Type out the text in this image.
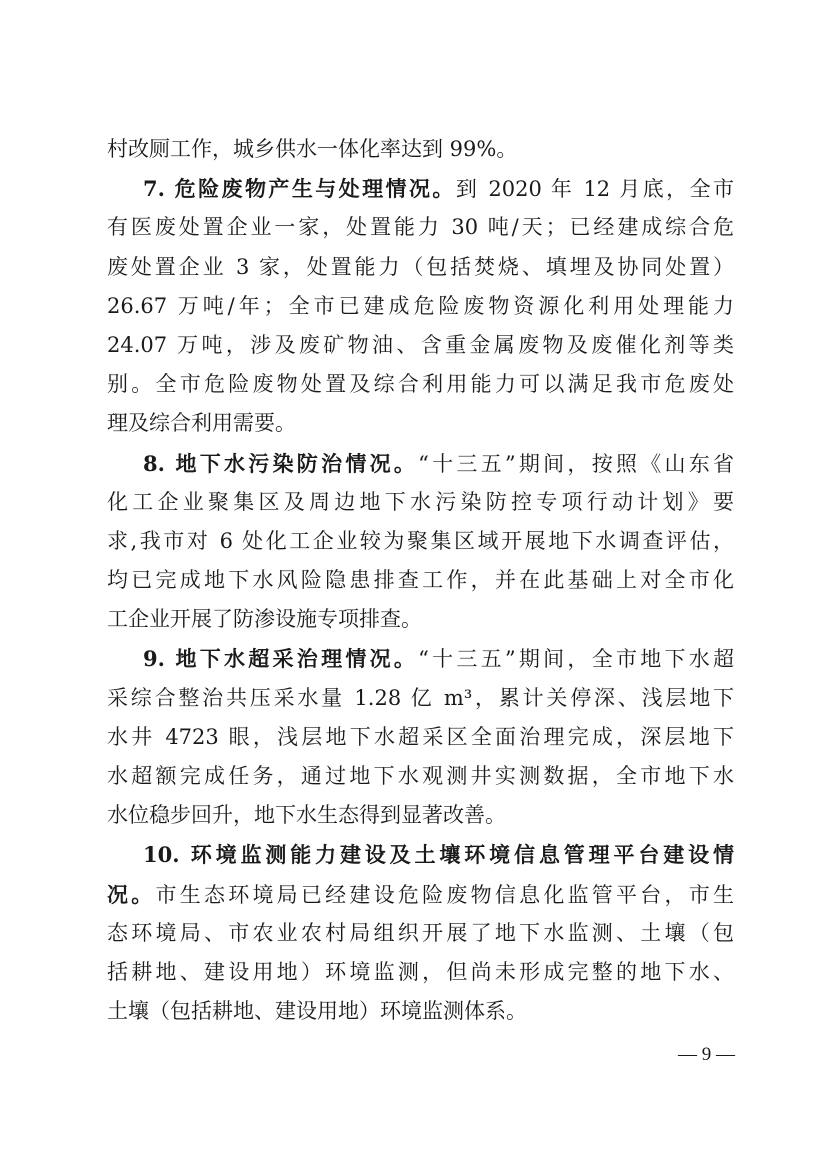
村改厕工作，城乡供水一体化率达到 99%。
7. 危险废物产生与处理情况。到 2020 年 12 月底，全市
有医废处置企业一家，处置能力 30 吨/天；已经建成综合危
废处置企业 3 家，处置能力（包括焚烧、填埋及协同处置）
26.67 万吨/年；全市已建成危险废物资源化利用处理能力
24.07 万吨，涉及废矿物油、含重金属废物及废催化剂等类
别。全市危险废物处置及综合利用能力可以满足我市危废处
理及综合利用需要。
8. 地下水污染防治情况。“十三五”期间，按照《山东省
化工企业聚集区及周边地下水污染防控专项行动计划》要
求,我市对 6 处化工企业较为聚集区域开展地下水调查评估，
均已完成地下水风险隐患排查工作，并在此基础上对全市化
工企业开展了防渗设施专项排查。
9. 地下水超采治理情况。“十三五”期间，全市地下水超
采综合整治共压采水量 1.28 亿 m³，累计关停深、浅层地下
水井 4723 眼，浅层地下水超采区全面治理完成，深层地下
水超额完成任务，通过地下水观测井实测数据，全市地下水
水位稳步回升，地下水生态得到显著改善。
10. 环境监测能力建设及土壤环境信息管理平台建设情
况。市生态环境局已经建设危险废物信息化监管平台，市生
态环境局、市农业农村局组织开展了地下水监测、土壤（包
括耕地、建设用地）环境监测，但尚未形成完整的地下水、
土壤（包括耕地、建设用地）环境监测体系。
— 9 —
